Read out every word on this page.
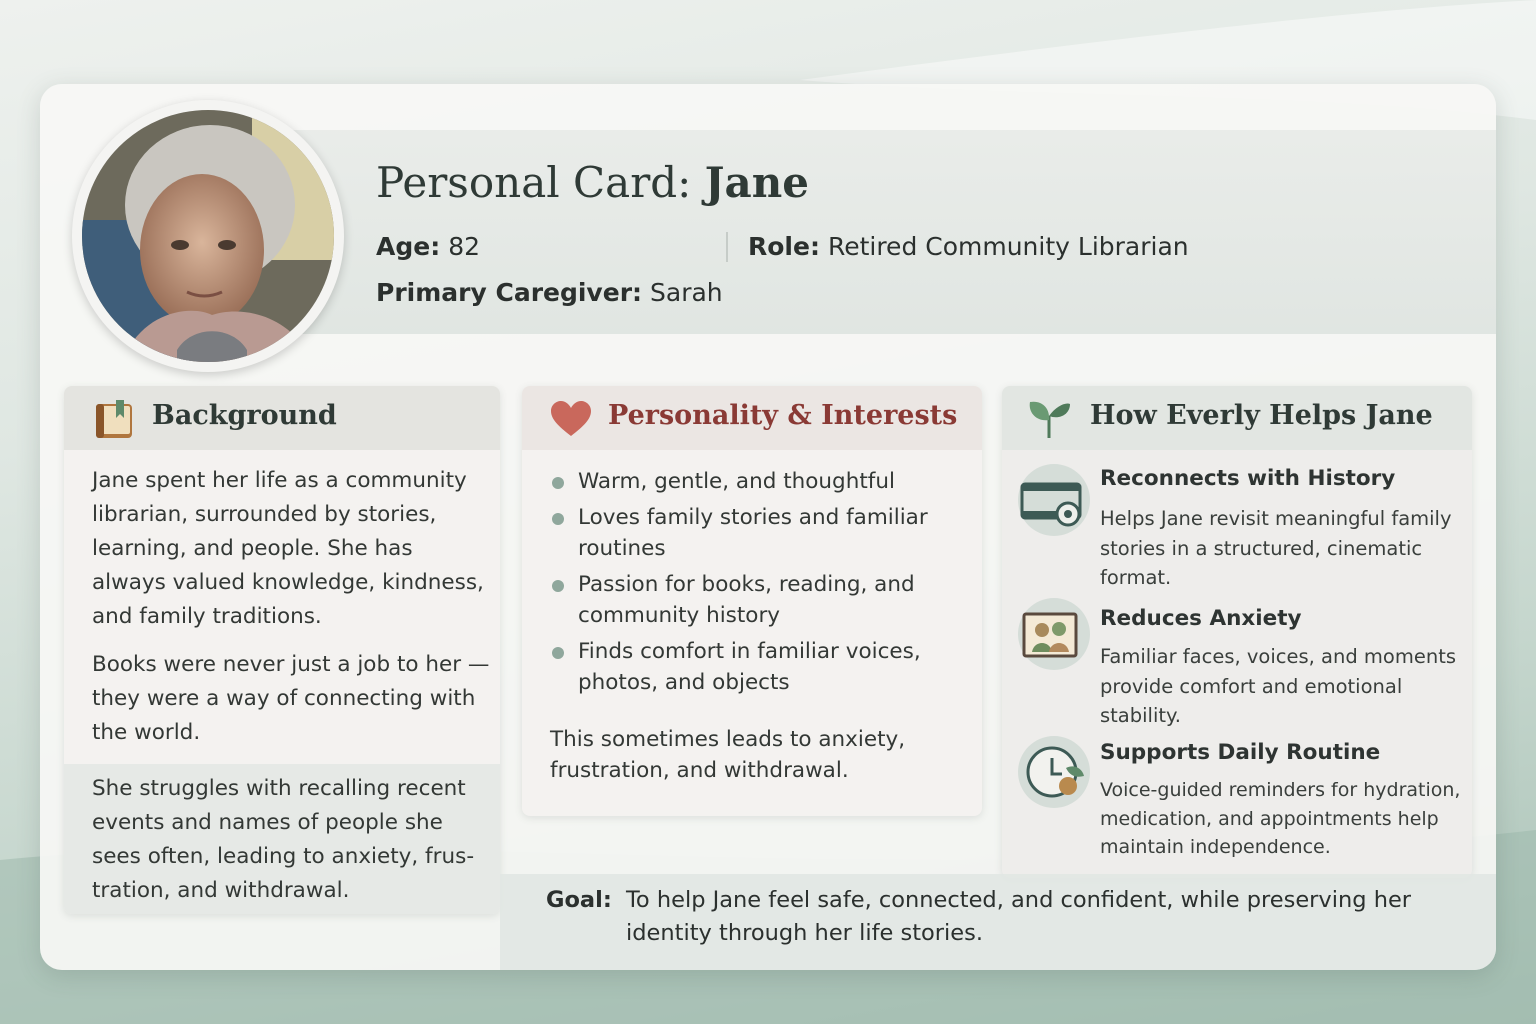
Personal Card: Jane
Age: 82	Role: Retired Community Librarian
Primary Caregiver: Sarah
Background
Jane spent her life as a community librarian, surrounded by stories, learning, and people. She has always valued knowledge, kindness, and family traditions.
Books were never just a job to her — they were a way of connecting with the world.
She struggles with recalling recent events and names of people she sees often, leading to anxiety, frustration, and withdrawal.
Personality & Interests
Warm, gentle, and thoughtful
Loves family stories and familiar routines
Passion for books, reading, and community history
Finds comfort in familiar voices, photos, and objects
This sometimes leads to anxiety, frustration, and withdrawal.
How Everly Helps Jane
Reconnects with History
Helps Jane revisit meaningful family stories in a structured, cinematic format.
Reduces Anxiety
Familiar faces, voices, and moments provide comfort and emotional stability.
Supports Daily Routine
Voice-guided reminders for hydration, medication, and appointments help maintain independence.
Goal: To help Jane feel safe, connected, and confident, while preserving her identity through her life stories.
